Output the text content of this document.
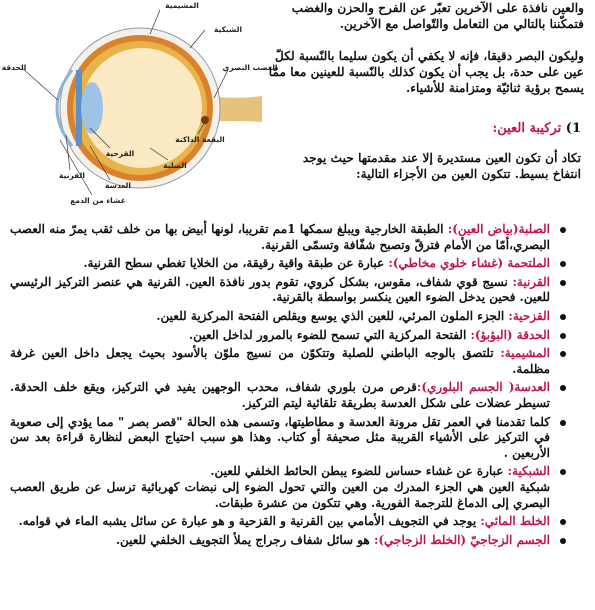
والعين نافذة على الآخرين تعبّر عن الفرح والحزن والغضب

فتمكّننا بالتالي من التعامل والتّواصل مع الآخرين.

وليكون البصر دقيقا، فإنه لا يكفي أن يكون سليما بالنّسبة لكلّ عين على حدة، بل يجب أن يكون كذلك بالنّسبة للعينين معا ممّا يسمح برؤية ثنائيّة ومتزامنة للأشياء.

المشيمية
الشبكية
العصب البصري
الحدقة
البقعة الداكنة
القزحية
القرنية
الصلبة
العدسة
غشاء من الدمع
1) تركيبة العين:
تكاد أن تكون العين مستديرة إلا عند مقدمتها حيث يوجد انتفاخ بسيط. تتكون العين من الأجزاء التالية:
الصلبة(بياض العين): الطبقة الخارجية ويبلغ سمكها 1مم تقريبا، لونها أبيض بها من خلف ثقب يمرّ منه العصب البصري،أمّا من الأمام فترقّ وتصبح شفّافة وتسمّى القرنية.
الملتحمة (غشاء خلوي مخاطي): عبارة عن طبقة واقية رقيقة، من الخلايا تغطي سطح القرنية.
القرنية: نسيج قوي شفاف، مقوس، بشكل كروي، تقوم بدور نافذة العين. القرنية هي عنصر التركيز الرئيسي للعين. فحين يدخل الضوء العين ينكسر بواسطة بالقرنية.
القزحية: الجزء الملون المرئي، للعين الذي يوسع ويقلص الفتحة المركزية للعين.
الحدقة (البؤبؤ): الفتحة المركزية التي تسمح للضوء بالمرور لداخل العين.
المشيمية: تلتصق بالوجه الباطني للصلبة وتتكوّن من نسيج ملوّن بالأسود بحيث يجعل داخل العين غرفة مظلمة.
العدسة( الجسم البلوري):قرص مرن بلوري شفاف، محدب الوجهين يفيد في التركيز، ويقع خلف الحدقة. تسيطر عضلات على شكل العدسة بطريقة تلقائية ليتم التركيز.
كلما تقدمنا في العمر تقل مرونة العدسة و مطاطيتها، وتسمى هذه الحالة "قصر بصر " مما يؤدي إلى صعوبة في التركيز على الأشياء القريبة مثل صحيفة أو كتاب. وهذا هو سبب احتياج البعض لنظارة قراءة بعد سن الأربعين .
الشبكية: عبارة عن غشاء حساس للضوء يبطن الحائط الخلفي للعين.
شبكية العين هي الجزء المدرك من العين والتي تحول الضوء إلى نبضات كهربائية ترسل عن طريق العصب البصري إلى الدماغ للترجمة الفورية. وهي تتكون من عشرة طبقات.
الخلط المائي: يوجد في التجويف الأمامي بين القرنية و القزحية و هو عبارة عن سائل يشبه الماء في قوامه.
الجسم الزجاجيّ (الخلط الزجاجي): هو سائل شفاف رجراج يملأ التجويف الخلفي للعين.
